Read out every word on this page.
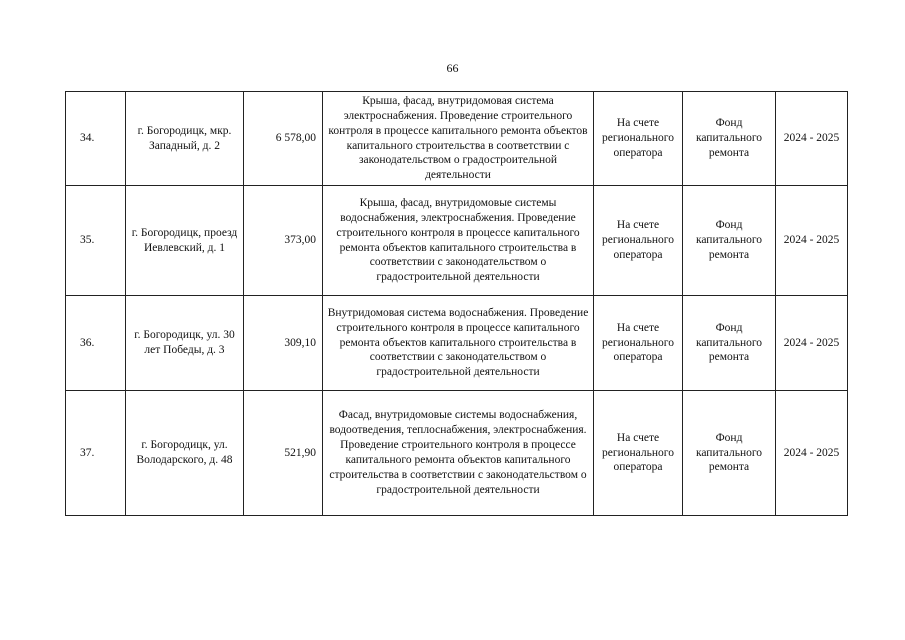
66
34.	г. Богородицк, мкр. Западный, д. 2	6 578,00	Крыша, фасад, внутридомовая система электроснабжения. Проведение строительного контроля в процессе капитального ремонта объектов капитального строительства в соответствии с законодательством о градостроительной деятельности	На счете регионального оператора	Фонд капитального ремонта	2024 - 2025
35.	г. Богородицк, проезд Иевлевский, д. 1	373,00	Крыша, фасад, внутридомовые системы водоснабжения, электроснабжения. Проведение строительного контроля в процессе капитального ремонта объектов капитального строительства в соответствии с законодательством о градостроительной деятельности	На счете регионального оператора	Фонд капитального ремонта	2024 - 2025
36.	г. Богородицк, ул. 30 лет Победы, д. 3	309,10	Внутридомовая система водоснабжения. Проведение строительного контроля в процессе капитального ремонта объектов капитального строительства в соответствии с законодательством о градостроительной деятельности	На счете регионального оператора	Фонд капитального ремонта	2024 - 2025
37.	г. Богородицк, ул. Володарского, д. 48	521,90	Фасад, внутридомовые системы водоснабжения, водоотведения, теплоснабжения, электроснабжения. Проведение строительного контроля в процессе капитального ремонта объектов капитального строительства в соответствии с законодательством о градостроительной деятельности	На счете регионального оператора	Фонд капитального ремонта	2024 - 2025
